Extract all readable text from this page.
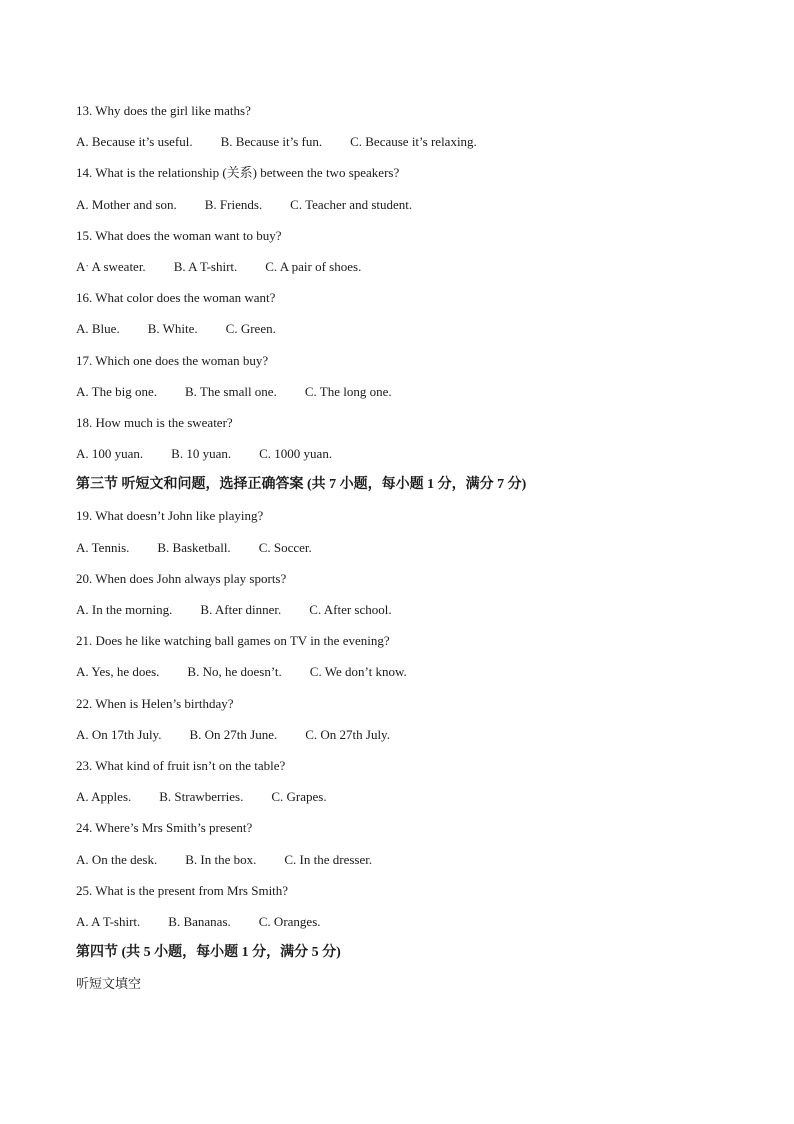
13. Why does the girl like maths?
A. Because it’s useful. B. Because it’s fun. C. Because it’s relaxing.
14. What is the relationship (关系) between the two speakers?
A. Mother and son. B. Friends. C. Teacher and student.
15. What does the woman want to buy?
Aˑ A sweater. B. A T-shirt. C. A pair of shoes.
16. What color does the woman want?
A. Blue. B. White. C. Green.
17. Which one does the woman buy?
A. The big one. B. The small one. C. The long one.
18. How much is the sweater?
A. 100 yuan. B. 10 yuan. C. 1000 yuan.
第三节 听短文和问题，选择正确答案 (共 7 小题，每小题 1 分，满分 7 分)
19. What doesn’t John like playing?
A. Tennis. B. Basketball. C. Soccer.
20. When does John always play sports?
A. In the morning. B. After dinner. C. After school.
21. Does he like watching ball games on TV in the evening?
A. Yes, he does. B. No, he doesn’t. C. We don’t know.
22. When is Helen’s birthday?
A. On 17th July. B. On 27th June. C. On 27th July.
23. What kind of fruit isn’t on the table?
A. Apples. B. Strawberries. C. Grapes.
24. Where’s Mrs Smith’s present?
A. On the desk. B. In the box. C. In the dresser.
25. What is the present from Mrs Smith?
A. A T-shirt. B. Bananas. C. Oranges.
第四节 (共 5 小题，每小题 1 分，满分 5 分)
听短文填空
